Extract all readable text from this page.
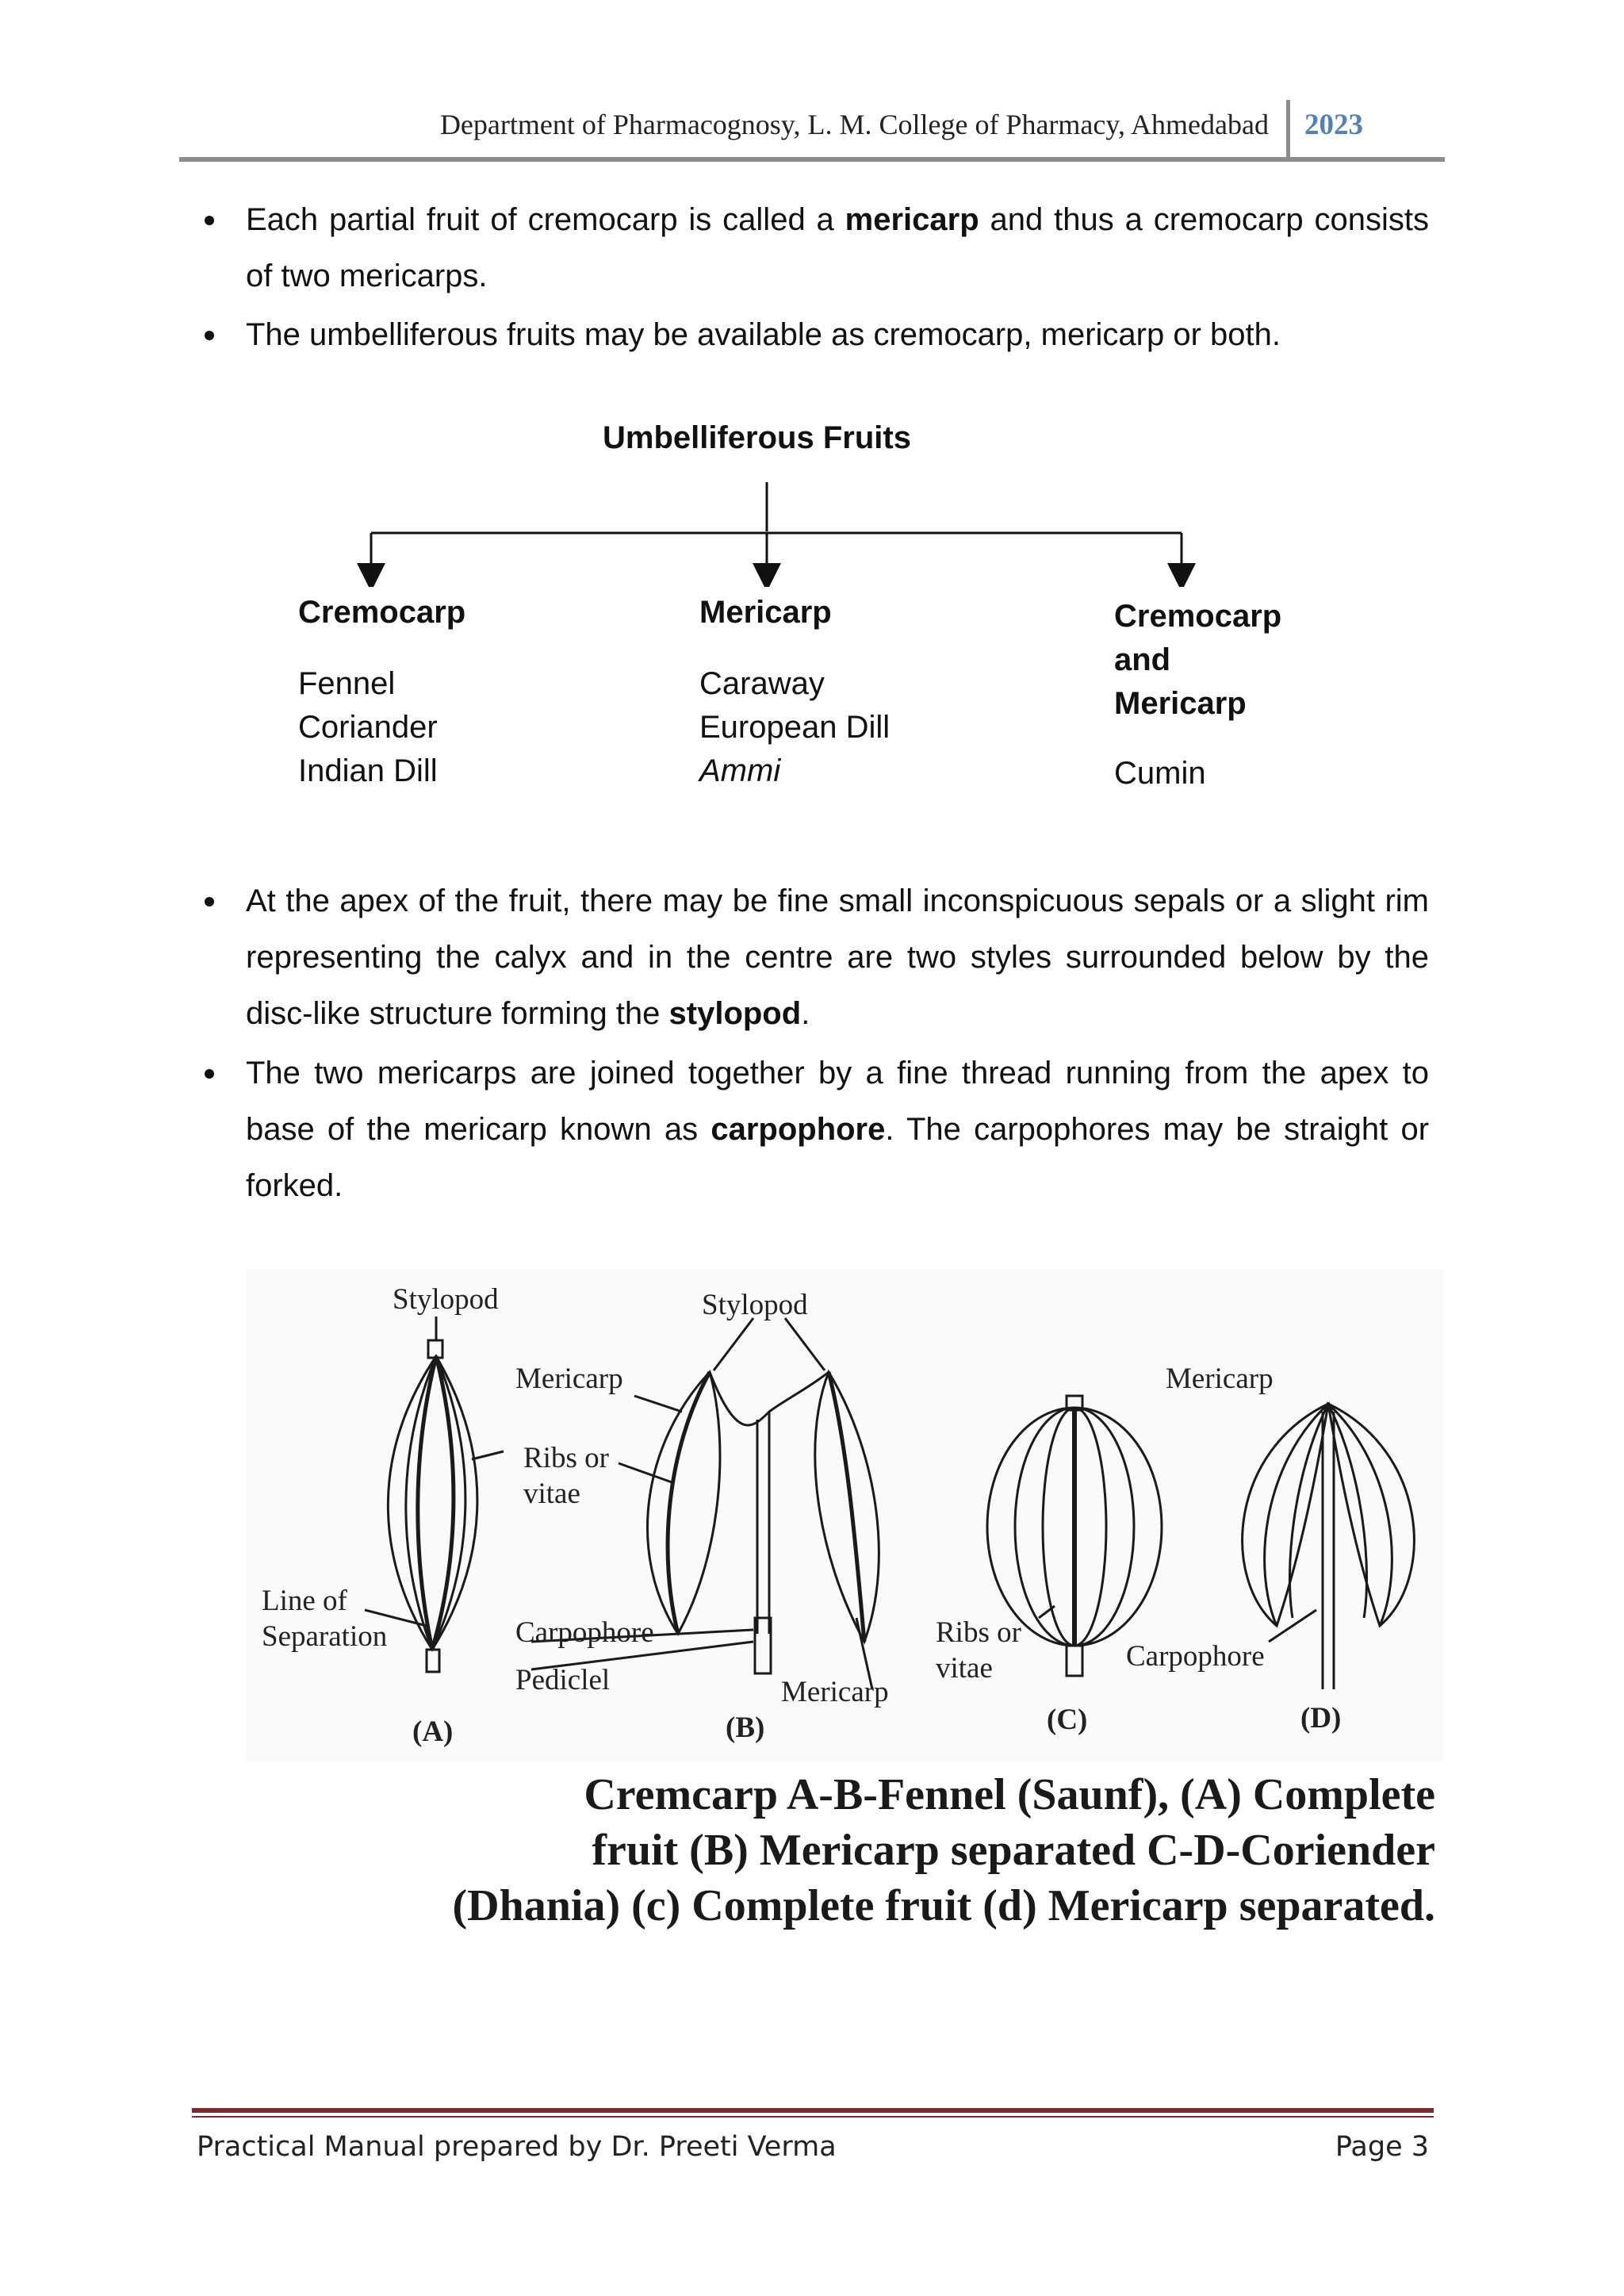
Department of Pharmacognosy, L. M. College of Pharmacy, Ahmedabad 2023
Each partial fruit of cremocarp is called a mericarp and thus a cremocarp consists of two mericarps.
The umbelliferous fruits may be available as cremocarp, mericarp or both.
Umbelliferous Fruits
Cremocarp
Fennel
Coriander
Indian Dill
Mericarp
Caraway
European Dill
Ammi
Cremocarp
and
Mericarp
Cumin
At the apex of the fruit, there may be fine small inconspicuous sepals or a slight rim representing the calyx and in the centre are two styles surrounded below by the disc-like structure forming the stylopod.
The two mericarps are joined together by a fine thread running from the apex to base of the mericarp known as carpophore. The carpophores may be straight or forked.
Stylopod	Stylopod
Mericarp
Ribs or
vitae
Line of
Separation	Carpophore
Pediclel	Mericarp
Ribs or
vitae
Mericarp
Carpophore
(A)	(B)	(C)	(D)
Cremcarp A-B-Fennel (Saunf), (A) Complete
fruit (B) Mericarp separated C-D-Coriender
(Dhania) (c) Complete fruit (d) Mericarp separated.
Practical Manual prepared by Dr. Preeti Verma	Page 3
